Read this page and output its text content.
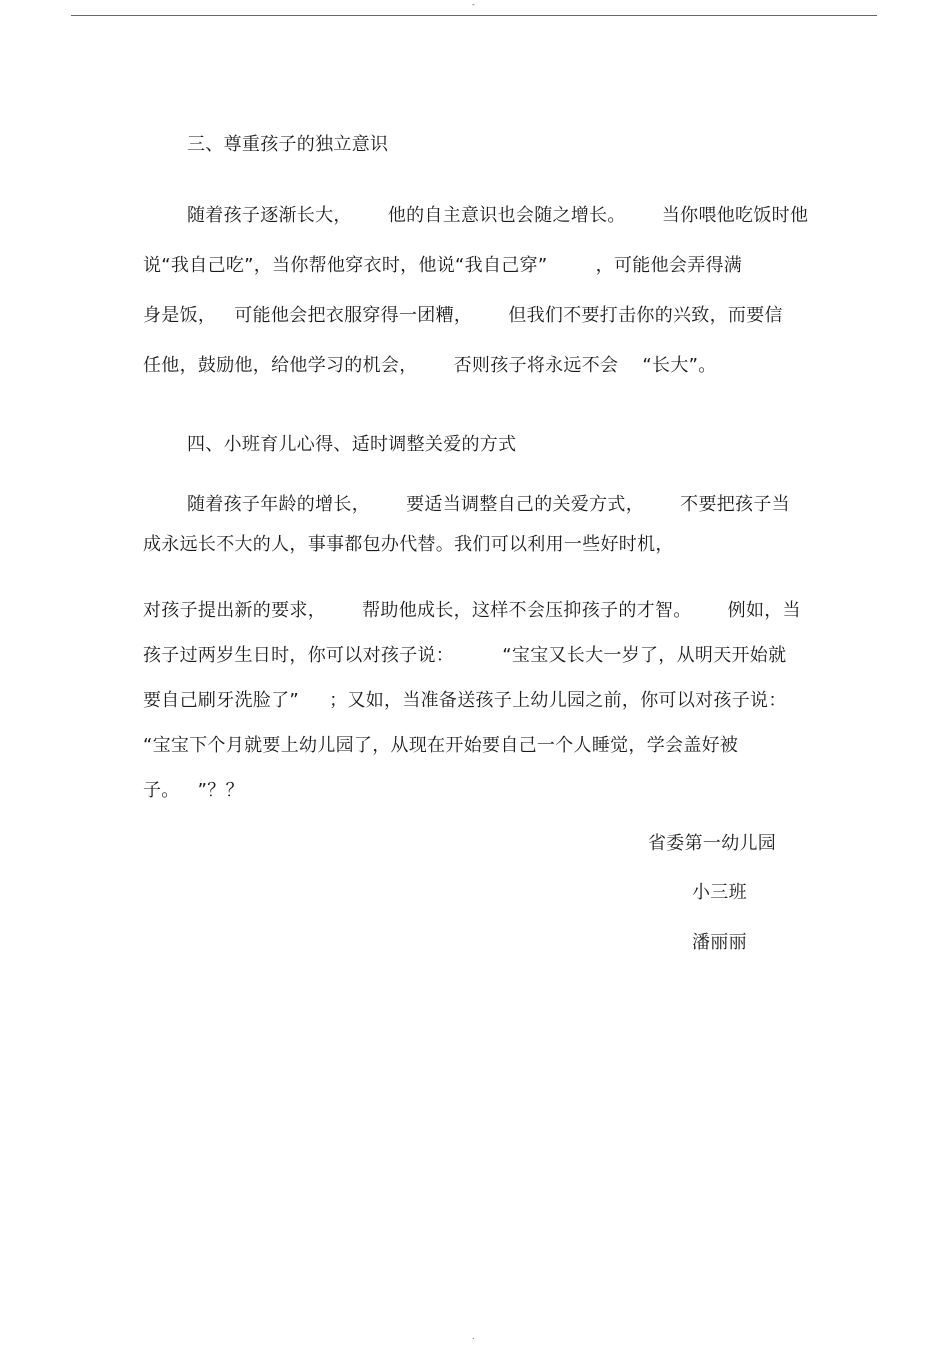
-
三、尊重孩子的独立意识
随着孩子逐渐长大，      他的自主意识也会随之增长。      当你喂他吃饭时他
说“我自己吃”，当你帮他穿衣时，他说“我自己穿”        ，可能他会弄得满
身是饭，   可能他会把衣服穿得一团糟，      但我们不要打击你的兴致，而要信
任他，鼓励他，给他学习的机会，      否则孩子将永远不会    “长大”。
四、小班育儿心得、适时调整关爱的方式
随着孩子年龄的增长，      要适当调整自己的关爱方式，      不要把孩子当
成永远长不大的人，事事都包办代替。我们可以利用一些好时机，
对孩子提出新的要求，      帮助他成长，这样不会压抑孩子的才智。      例如，当
孩子过两岁生日时，你可以对孩子说：        “宝宝又长大一岁了，从明天开始就
要自己刷牙洗脸了”     ；又如，当准备送孩子上幼儿园之前，你可以对孩子说：
“宝宝下个月就要上幼儿园了，从现在开始要自己一个人睡觉，学会盖好被
子。   ”？？
省委第一幼儿园
小三班
潘丽丽
.
